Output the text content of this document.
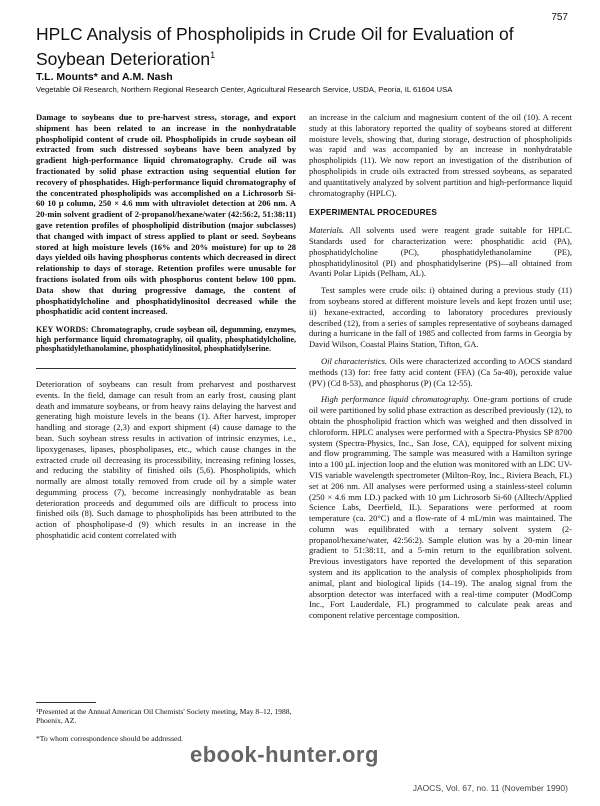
757
HPLC Analysis of Phospholipids in Crude Oil for Evaluation of Soybean Deterioration$^1$
T.L. Mounts* and A.M. Nash
Vegetable Oil Research, Northern Regional Research Center, Agricultural Research Service, USDA, Peoria, IL 61604 USA

Damage to soybeans due to pre-harvest stress, storage, and export shipment has been related to an increase in the nonhydratable phospholipid content of crude oil. Phospholipids in crude soybean oil extracted from such distressed soybeans have been analyzed by gradient high-performance liquid chromatography. Crude oil was fractionated by solid phase extraction using sequential elution for recovery of phosphatides. High-performance liquid chromatography of the concentrated phospholipids was accomplished on a Lichrosorb Si-60 10 µ column, 250 × 4.6 mm with ultraviolet detection at 206 nm. A 20-min solvent gradient of 2-propanol/hexane/water (42:56:2, 51:38:11) gave retention profiles of phospholipid distribution (major subclasses) that changed with impact of stress applied to plant or seed. Soybeans stored at high moisture levels (16% and 20% moisture) for up to 28 days yielded oils having phosphorus contents which decreased in direct relationship to days of storage. Retention profiles were unusable for fractions isolated from oils with phosphorus content below 100 ppm. Data show that during progressive damage, the content of phosphatidylcholine and phosphatidylinositol decreased while the phosphatidic acid content increased.

KEY WORDS: Chromatography, crude soybean oil, degumming, enzymes, high performance liquid chromatography, oil quality, phosphatidylcholine, phosphatidylethanolamine, phosphatidylinositol, phosphatidylserine.

Deterioration of soybeans can result from preharvest and postharvest events. In the field, damage can result from an early frost, causing plant death and immature soybeans, or from heavy rains delaying the harvest and generating high moisture levels in the beans (1). After harvest, improper handling and storage (2,3) and export shipment (4) cause damage to the bean. Such soybean stress results in activation of intrinsic enzymes, i.e., lipoxygenases, lipases, phospholipases, etc., which cause changes in the extracted crude oil decreasing its processibility, increasing refining losses, and reducing the stability of finished oils (5,6). Phospholipids, which normally are almost totally removed from crude oil by a simple water degumming process (7), become increasingly nonhydratable as bean deterioration proceeds and degummed oils are difficult to process into finished oils (8). Such damage to phospholipids has been attributed to the action of phospholipase-d (9) which results in an increase in the phosphatidic acid content correlated with

an increase in the calcium and magnesium content of the oil (10). A recent study at this laboratory reported the quality of soybeans stored at different moisture levels, showing that, during storage, destruction of phospholipids was rapid and was accompanied by an increase in nonhydratable phospholipids (11). We now report an investigation of the distribution of phospholipids in crude oils extracted from stressed soybeans, as separated and quantitatively analyzed by solvent partition and high-performance liquid chromatography (HPLC).

EXPERIMENTAL PROCEDURES

Materials. All solvents used were reagent grade suitable for HPLC. Standards used for characterization were: phosphatidic acid (PA), phosphatidylcholine (PC), phosphatidylethanolamine (PE), phosphatidylinositol (PI) and phosphatidylserine (PS)—all obtained from Avanti Polar Lipids (Pelham, AL).

Test samples were crude oils: i) obtained during a previous study (11) from soybeans stored at different moisture levels and kept frozen until use; ii) hexane-extracted, according to laboratory procedures previously described (12), from a series of samples representative of soybeans damaged during a hurricane in the fall of 1985 and collected from farms in Georgia by David Wilson, Coastal Plains Station, Tifton, GA.

Oil characteristics. Oils were characterized according to AOCS standard methods (13) for: free fatty acid content (FFA) (Ca 5a-40), peroxide value (PV) (Cd 8-53), and phosphorus (P) (Ca 12-55).

High performance liquid chromatography. One-gram portions of crude oil were partitioned by solid phase extraction as described previously (12), to obtain the phospholipid fraction which was weighed and then dissolved in chloroform. HPLC analyses were performed with a Spectra-Physics SP 8700 system (Spectra-Physics, Inc., San Jose, CA), equipped for solvent mixing and flow programming. The sample was measured with a Hamilton syringe into a 100 µL injection loop and the elution was monitored with an LDC UV-VIS variable wavelength spectrometer (Milton-Roy, Inc., Riviera Beach, FL) set at 206 nm. All analyses were performed using a stainless-steel column (250 × 4.6 mm I.D.) packed with 10 µm Lichrosorb Si-60 (Alltech/Applied Science Labs, Deerfield, IL). Separations were performed at room temperature (ca. 20°C) and a flow-rate of 4 mL/min was maintained. The column was equilibrated with a ternary solvent system (2-propanol/hexane/water, 42:56:2). Sample elution was by a 20-min linear gradient to 51:38:11, and a 5-min return to the equilibration solvent. Previous investigators have reported the development of this separation system and its application to the analysis of complex phospholipids from animal, plant and biological lipids (14–19). The analog signal from the absorption detector was interfaced with a real-time computer (ModComp Inc., Fort Lauderdale, FL) programmed to calculate peak areas and component relative percentage composition.

¹Presented at the Annual American Oil Chemists' Society meeting, May 8–12, 1988, Phoenix, AZ.

*To whom correspondence should be addressed.

ebook-hunter.org
JAOCS, Vol. 67, no. 11 (November 1990)
